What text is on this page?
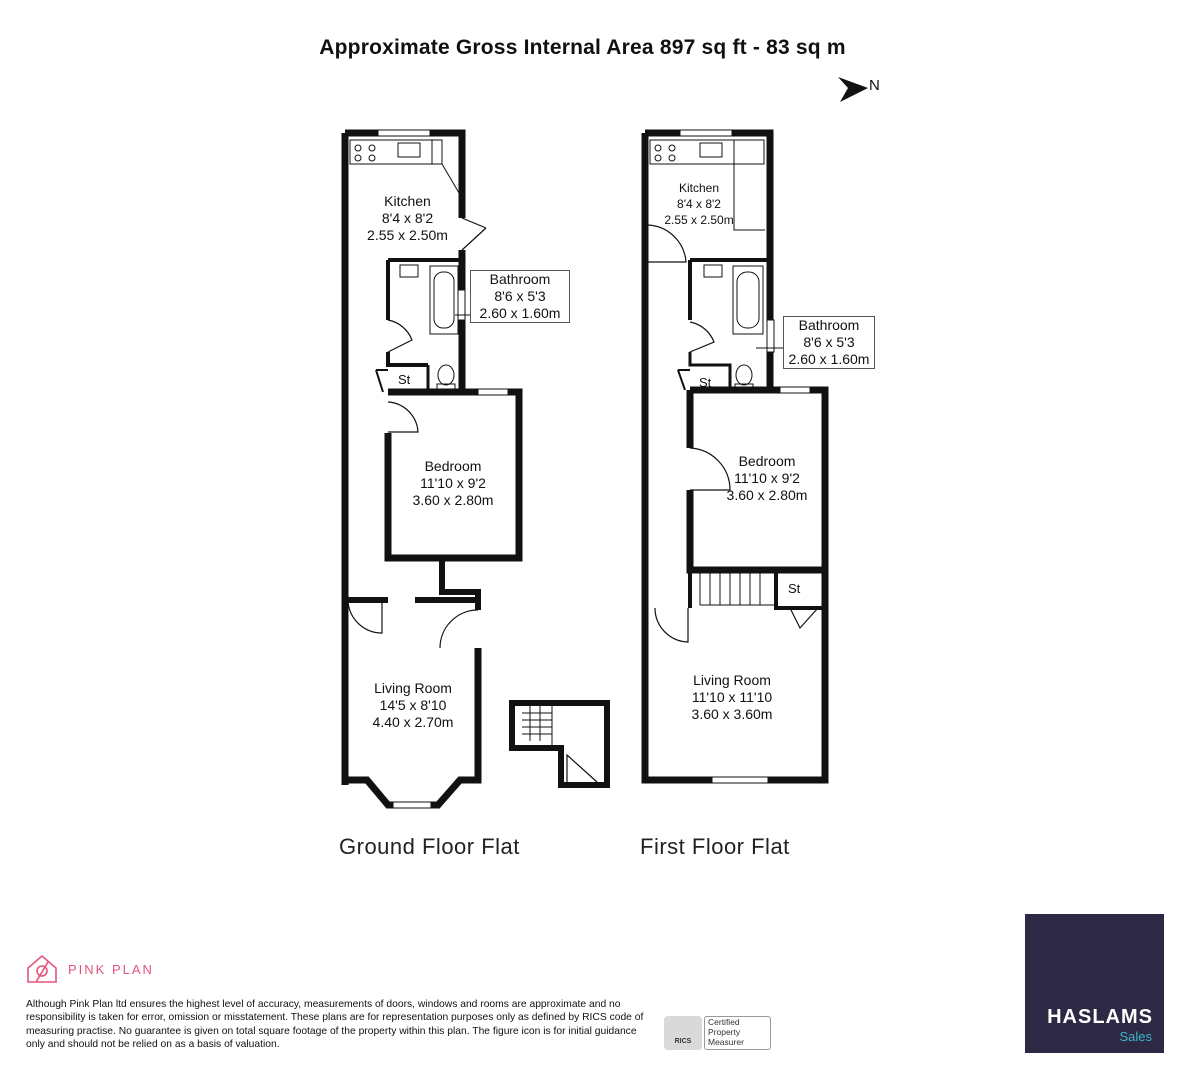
Approximate Gross Internal Area 897 sq ft - 83 sq m
Kitchen
8'4 x 8'2
2.55 x 2.50m
Bathroom
8'6 x 5'3
2.60 x 1.60m
St
Bedroom
11'10 x 9'2
3.60 x 2.80m
Living Room
14'5 x 8'10
4.40 x 2.70m
Ground Floor Flat
Kitchen
8'4 x 8'2
2.55 x 2.50m
Bathroom
8'6 x 5'3
2.60 x 1.60m
St
St
Bedroom
11'10 x 9'2
3.60 x 2.80m
Living Room
11'10 x 11'10
3.60 x 3.60m
First Floor Flat
N
PINK PLAN
Although Pink Plan ltd ensures the highest level of accuracy, measurements of doors, windows and rooms are approximate and no responsibility is taken for error, omission or misstatement. These plans are for representation purposes only as defined by RICS code of measuring practise. No guarantee is given on total square footage of the property within this plan. The figure icon is for initial guidance only and should not be relied on as a basis of valuation.	RICS
Certified
Property
Measurer
HASLAMS
Sales
